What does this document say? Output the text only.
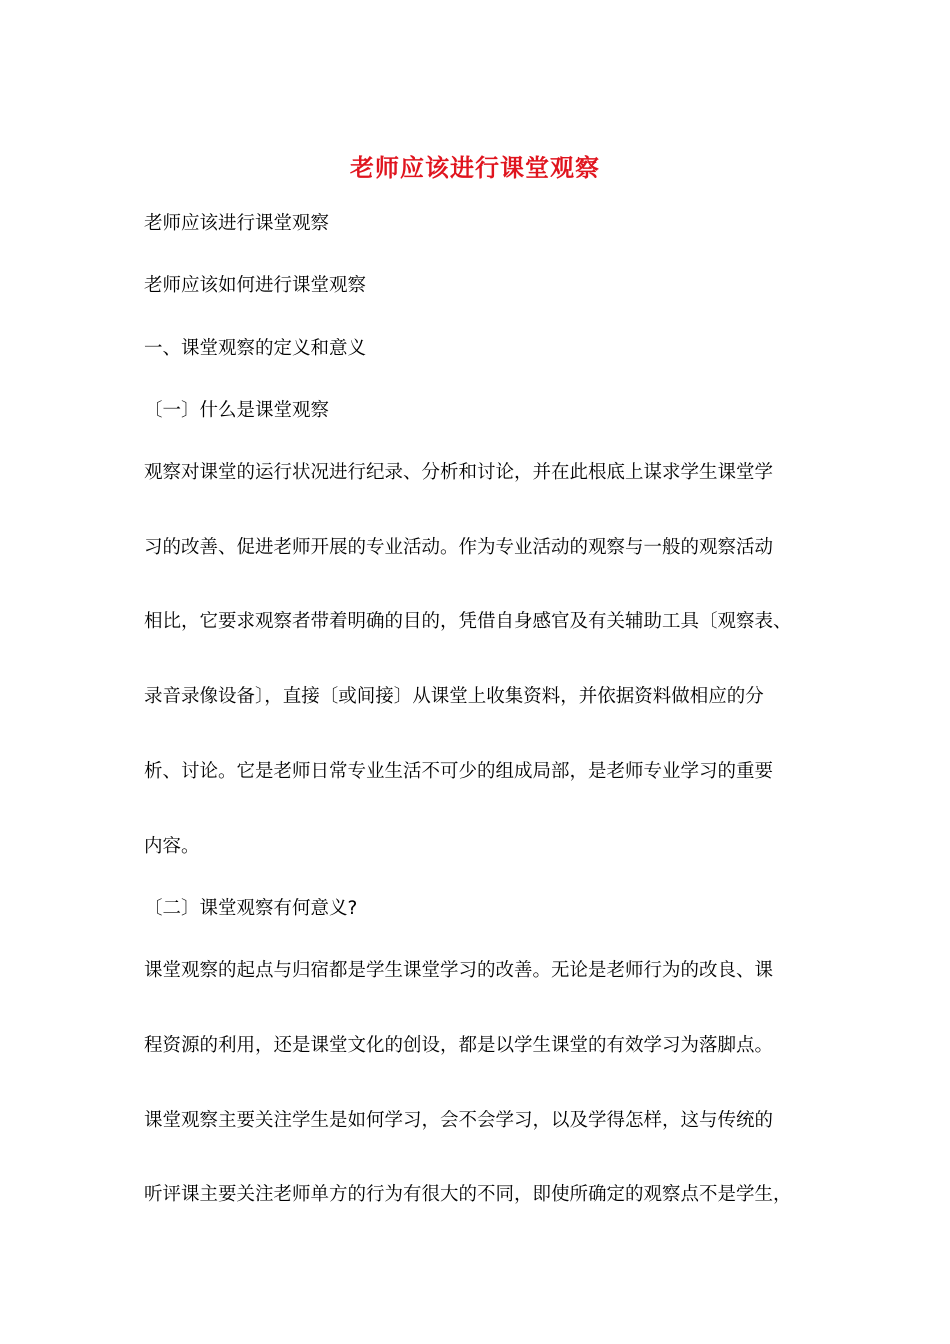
老师应该进行课堂观察
老师应该进行课堂观察
老师应该如何进行课堂观察
一、课堂观察的定义和意义
〔一〕什么是课堂观察
观察对课堂的运行状况进行纪录、分析和讨论，并在此根底上谋求学生课堂学
习的改善、促进老师开展的专业活动。作为专业活动的观察与一般的观察活动
相比，它要求观察者带着明确的目的，凭借自身感官及有关辅助工具〔观察表、
录音录像设备〕，直接〔或间接〕从课堂上收集资料，并依据资料做相应的分
析、讨论。它是老师日常专业生活不可少的组成局部，是老师专业学习的重要
内容。
〔二〕课堂观察有何意义?
课堂观察的起点与归宿都是学生课堂学习的改善。无论是老师行为的改良、课
程资源的利用，还是课堂文化的创设，都是以学生课堂的有效学习为落脚点。
课堂观察主要关注学生是如何学习，会不会学习，以及学得怎样，这与传统的
听评课主要关注老师单方的行为有很大的不同，即使所确定的观察点不是学生，
